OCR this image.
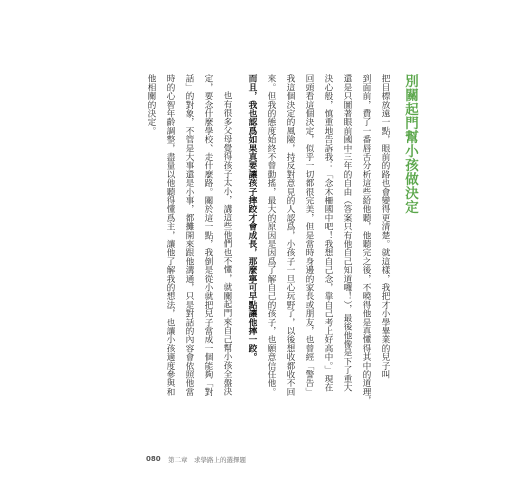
別關起門幫小孩做決定
把目標放遠一點，眼前的路也會變得更清楚。就這樣，我把才小學畢業的兒子叫
到面前，費了一番唇舌分析這些給他聽，他聽完之後，不曉得他是真懂得其中的道理，
還是只圖著眼前國中三年的自由（答案只有他自己知道囉！），最後他像是下了重大
決心般，慎重地告訴我：「念木柵國中吧！我想自己念，靠自己考上好高中。」現在
回頭看這個決定，似乎一切都很完美，但是當時身邊的家長或朋友，也曾經「警告」
我這個決定的風險，持反對意見的人認爲，小孩子一旦心玩野了，以後想收都收不回
來。但我的態度始終不曾動搖，最大的原因是因爲了解自己的孩子，也願意信任他。
而且，我也認爲如果真要讓孩子摔跤才會成長，那麼寧可早點讓他摔一跤。
也有很多父母覺得孩子太小，講這些他們也不懂，就關起門來自己幫小孩全盤決
定，要念什麼學校、走什麼路。關於這一點，我倒是從小就把兒子當成一個能夠「對
話」的對象，不管是大事還是小事，都攤開來跟他溝通，只是對話的內容會依照他當
時的心智年齡調整，盡量以他聽得懂爲主，讓他了解我的想法，也讓小孩適度參與和
他相關的決定。
080 第二章　求學路上的選擇題
